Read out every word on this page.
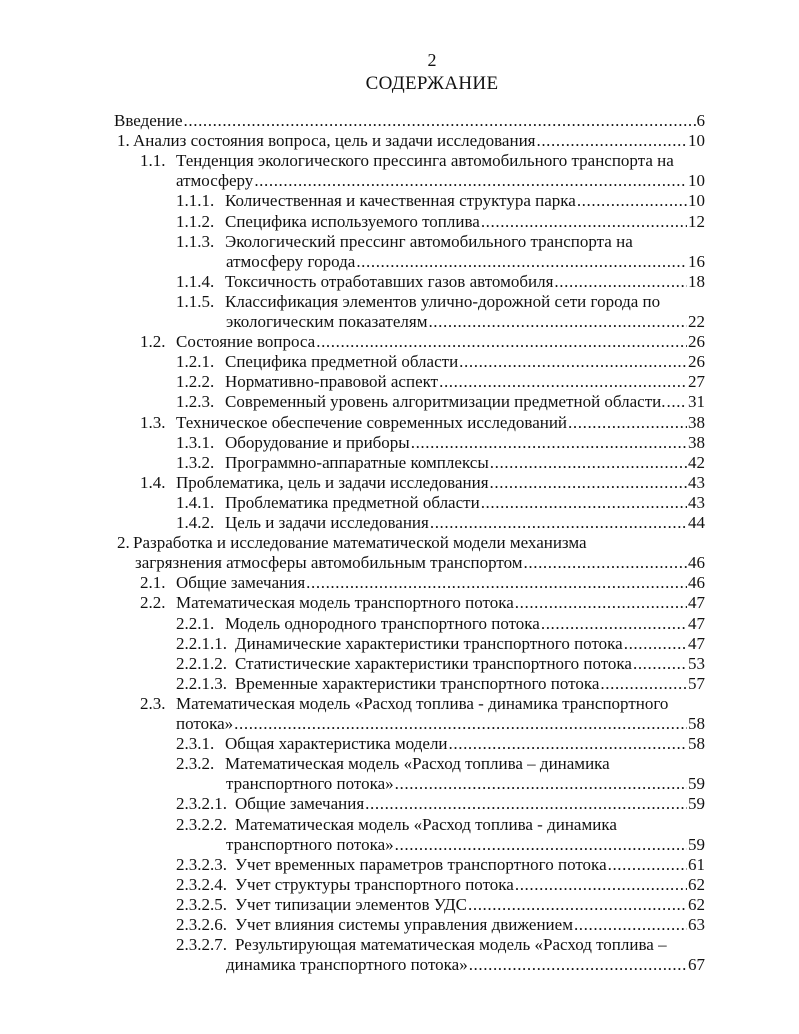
2
СОДЕРЖАНИЕ
Введение .....	6
1. Анализ состояния вопроса, цель и задачи исследования .....	10
1.1. Тенденция экологического прессинга автомобильного транспорта на
атмосферу .....	10
1.1.1. Количественная и качественная структура парка .....	10
1.1.2. Специфика используемого топлива .....	12
1.1.3. Экологический прессинг автомобильного транспорта на
атмосферу города .....	16
1.1.4. Токсичность отработавших газов автомобиля .....	18
1.1.5. Классификация элементов улично-дорожной сети города по
экологическим показателям .....	22
1.2. Состояние вопроса .....	26
1.2.1. Специфика предметной области .....	26
1.2.2. Нормативно-правовой аспект .....	27
1.2.3. Современный уровень алгоритмизации предметной области. ..... 31
1.3. Техническое обеспечение современных исследований .....	38
1.3.1. Оборудование и приборы .....	38
1.3.2. Программно-аппаратные комплексы .....	42
1.4. Проблематика, цель и задачи исследования .....	43
1.4.1. Проблематика предметной области .....	43
1.4.2. Цель и задачи исследования .....	44
2. Разработка и исследование математической модели механизма
загрязнения атмосферы автомобильным транспортом .....	46
2.1. Общие замечания .....	46
2.2. Математическая модель транспортного потока .....	47
2.2.1. Модель однородного транспортного потока .....	47
2.2.1.1. Динамические характеристики транспортного потока .....	47
2.2.1.2. Статистические характеристики транспортного потока .....	53
2.2.1.3. Временные характеристики транспортного потока .....	57
2.3. Математическая модель «Расход топлива - динамика транспортного
потока» .....	58
2.3.1. Общая характеристика модели .....	58
2.3.2. Математическая модель «Расход топлива – динамика
транспортного потока» .....	59
2.3.2.1. Общие замечания .....	59
2.3.2.2. Математическая модель «Расход топлива - динамика
транспортного потока» .....	59
2.3.2.3. Учет временных параметров транспортного потока .....	61
2.3.2.4. Учет структуры транспортного потока .....	62
2.3.2.5. Учет типизации элементов УДС .....	62
2.3.2.6. Учет влияния системы управления движением .....	63
2.3.2.7. Результирующая математическая модель «Расход топлива –
динамика транспортного потока» .....	67
